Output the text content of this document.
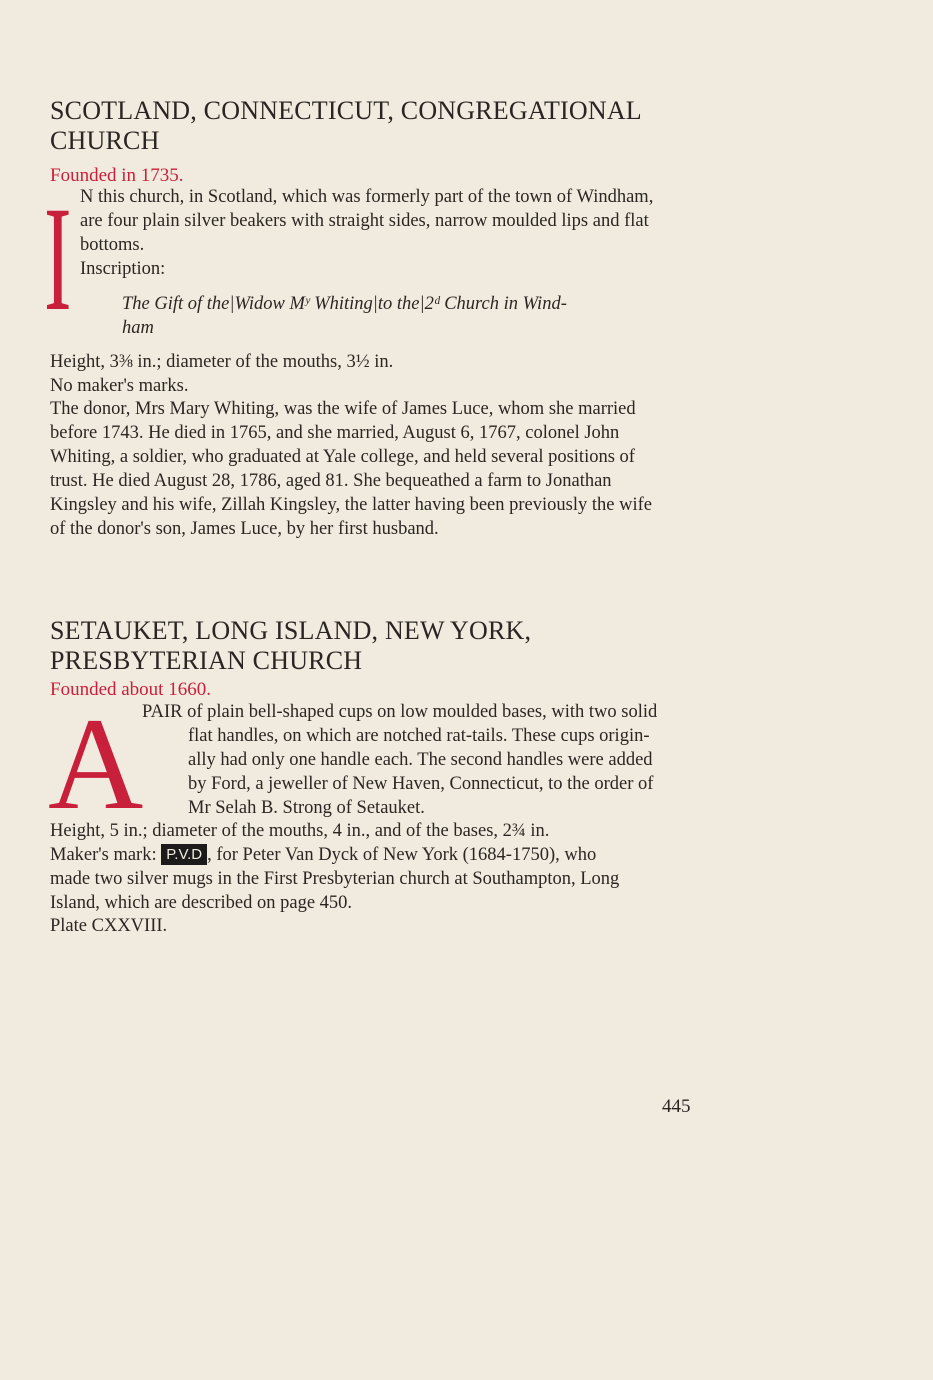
SCOTLAND, CONNECTICUT, CONGREGATIONAL
CHURCH
Founded in 1735.
I N this church, in Scotland, which was formerly part of the town of Windham,
are four plain silver beakers with straight sides, narrow moulded lips and flat
bottoms.
Inscription:
The Gift of the|Widow Mʸ Whiting|to the|2ᵈ Church in Wind-
ham
Height, 3⅜ in.; diameter of the mouths, 3½ in.
No maker's marks.
The donor, Mrs Mary Whiting, was the wife of James Luce, whom she married
before 1743. He died in 1765, and she married, August 6, 1767, colonel John
Whiting, a soldier, who graduated at Yale college, and held several positions of
trust. He died August 28, 1786, aged 81. She bequeathed a farm to Jonathan
Kingsley and his wife, Zillah Kingsley, the latter having been previously the wife
of the donor's son, James Luce, by her first husband.
SETAUKET, LONG ISLAND, NEW YORK,
PRESBYTERIAN CHURCH
Founded about 1660.
A
PAIR of plain bell-shaped cups on low moulded bases, with two solid
flat handles, on which are notched rat-tails. These cups origin-
ally had only one handle each. The second handles were added
by Ford, a jeweller of New Haven, Connecticut, to the order of
Mr Selah B. Strong of Setauket.
Height, 5 in.; diameter of the mouths, 4 in., and of the bases, 2¾ in.
Maker's mark: P.V.D , for Peter Van Dyck of New York (1684-1750), who
made two silver mugs in the First Presbyterian church at Southampton, Long
Island, which are described on page 450.
Plate CXXVIII.
445
